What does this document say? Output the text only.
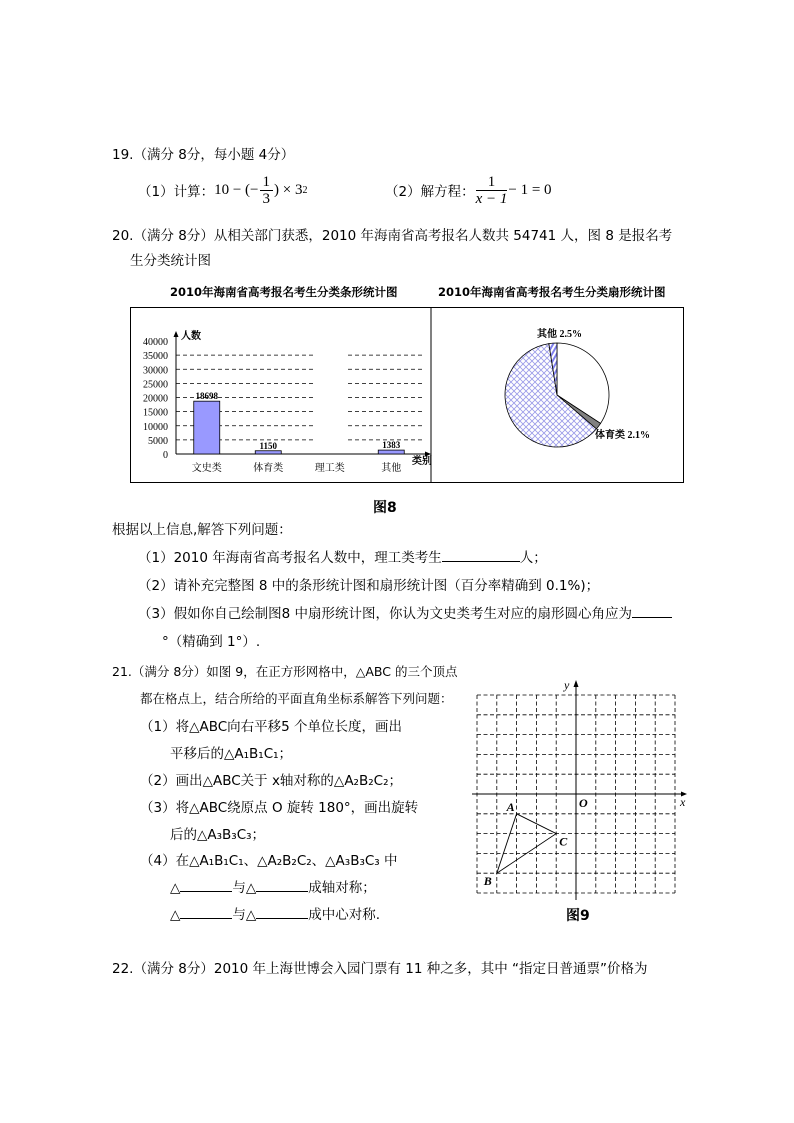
19.（满分 8分，每小题 4分）
（1）计算： 10 − (− $\frac{1}{3}$ ) × 3 2	（2）解方程： $\frac{1}{x - 1} - 1 = 0$
20.（满分 8分）从相关部门获悉，2010 年海南省高考报名人数共 54741 人，图 8 是报名考
生分类统计图
2010年海南省高考报名考生分类条形统计图	2010年海南省高考报名考生分类扇形统计图
0
5000
10000
15000
20000
25000
30000
35000
40000
人数
类别
18698
文史类
1150
体育类	理工类
1383
其他
体育类 2.1%
其他 2.5%
图8
根据以上信息,解答下列问题：
（1）2010 年海南省高考报名人数中，理工类考生	人；
（2）请补充完整图 8 中的条形统计图和扇形统计图（百分率精确到 0.1%)；
（3）假如你自己绘制图8 中扇形统计图，你认为文史类考生对应的扇形圆心角应为
°（精确到 1°）.
21.（满分 8分）如图 9，在正方形网格中，△ABC 的三个顶点
都在格点上，结合所给的平面直角坐标系解答下列问题：
（1）将△ABC向右平移5 个单位长度，画出
平移后的△A₁B₁C₁；
（2）画出△ABC关于 x轴对称的△A₂B₂C₂；
（3）将△ABC绕原点 O 旋转 180°，画出旋转
后的△A₃B₃C₃；
（4）在△A₁B₁C₁、△A₂B₂C₂、△A₃B₃C₃ 中
△	与△	成轴对称；
△	与△	成中心对称.
x
y
O
A
B
C
图9
22.（满分 8分）2010 年上海世博会入园门票有 11 种之多，其中 “指定日普通票”价格为
